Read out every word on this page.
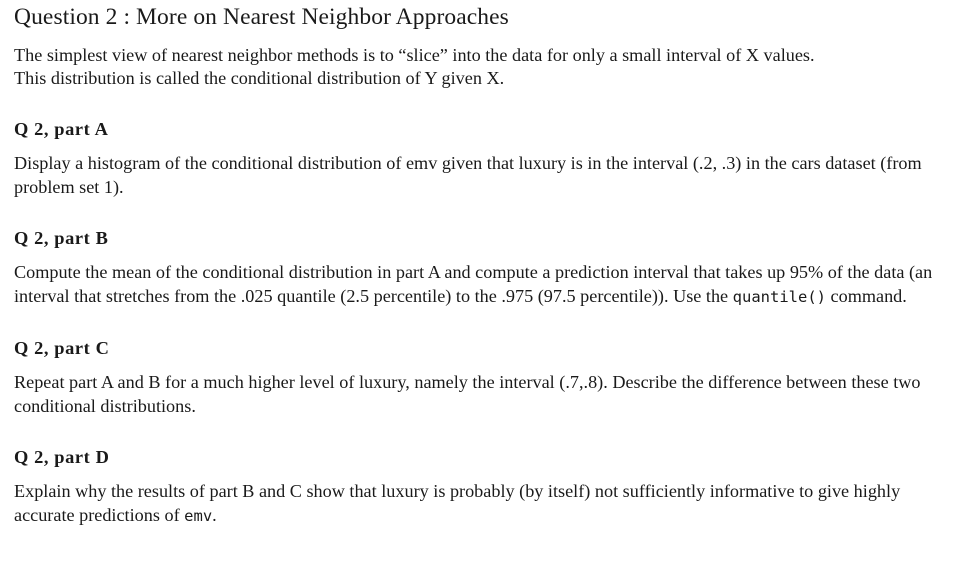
Question 2 : More on Nearest Neighbor Approaches

The simplest view of nearest neighbor methods is to “slice” into the data for only a small interval of X values.
This distribution is called the conditional distribution of Y given X.

Q 2, part A

Display a histogram of the conditional distribution of emv given that luxury is in the interval (.2, .3) in the cars dataset (from problem set 1).

Q 2, part B

Compute the mean of the conditional distribution in part A and compute a prediction interval that takes up 95% of the data (an interval that stretches from the .025 quantile (2.5 percentile) to the .975 (97.5 percentile)). Use the quantile() command.

Q 2, part C

Repeat part A and B for a much higher level of luxury, namely the interval (.7,.8). Describe the difference between these two conditional distributions.

Q 2, part D

Explain why the results of part B and C show that luxury is probably (by itself) not sufficiently informative to give highly accurate predictions of emv.
